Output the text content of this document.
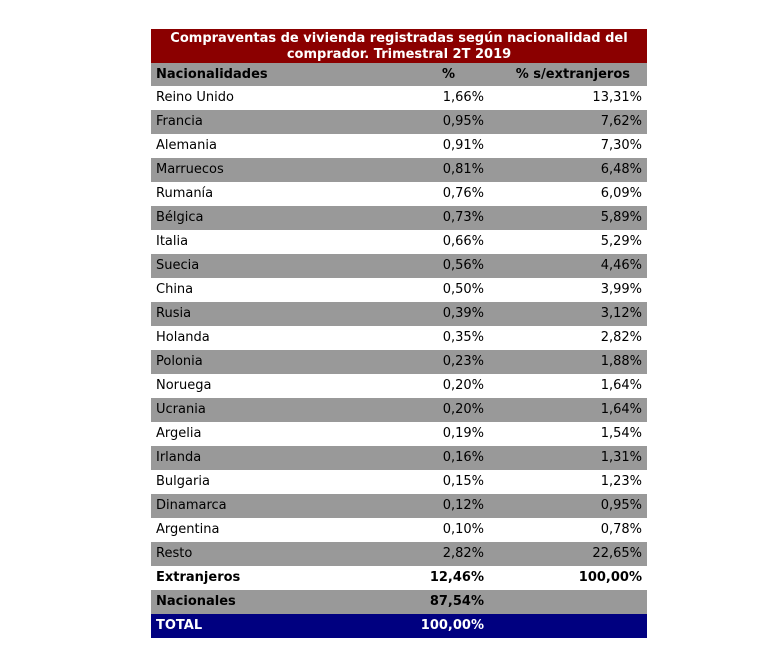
Compraventas de vivienda registradas según nacionalidad del comprador. Trimestral 2T 2019
Nacionalidades	%	% s/extranjeros
Reino Unido	1,66%	13,31%
Francia	0,95%	7,62%
Alemania	0,91%	7,30%
Marruecos	0,81%	6,48%
Rumanía	0,76%	6,09%
Bélgica	0,73%	5,89%
Italia	0,66%	5,29%
Suecia	0,56%	4,46%
China	0,50%	3,99%
Rusia	0,39%	3,12%
Holanda	0,35%	2,82%
Polonia	0,23%	1,88%
Noruega	0,20%	1,64%
Ucrania	0,20%	1,64%
Argelia	0,19%	1,54%
Irlanda	0,16%	1,31%
Bulgaria	0,15%	1,23%
Dinamarca	0,12%	0,95%
Argentina	0,10%	0,78%
Resto	2,82%	22,65%
Extranjeros	12,46%	100,00%
Nacionales	87,54%
TOTAL	100,00%
